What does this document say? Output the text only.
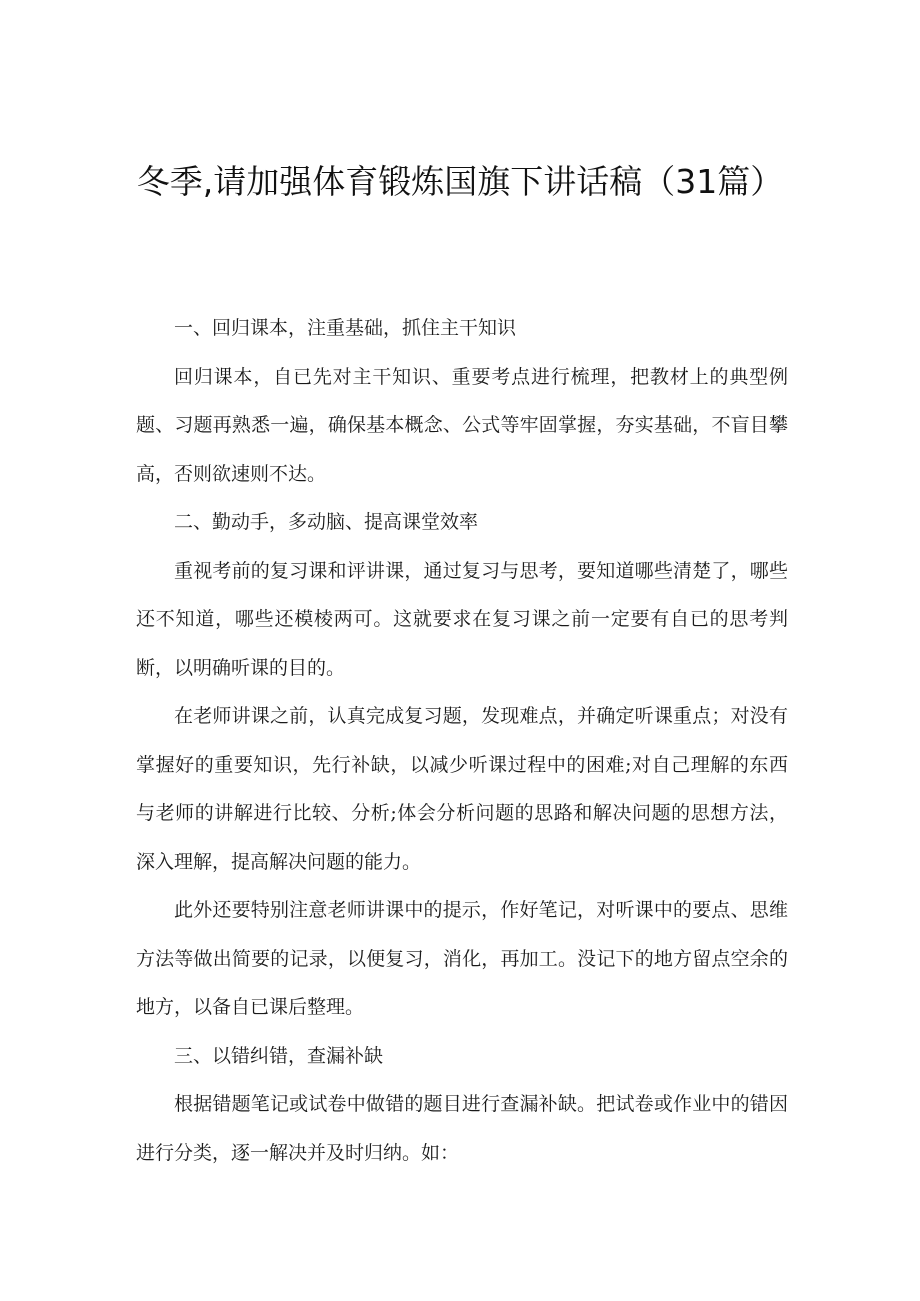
冬季,请加强体育锻炼国旗下讲话稿（31篇）

一、回归课本，注重基础，抓住主干知识

回归课本，自已先对主干知识、重要考点进行梳理，把教材上的典型例题、习题再熟悉一遍，确保基本概念、公式等牢固掌握，夯实基础，不盲目攀高，否则欲速则不达。

二、勤动手，多动脑、提高课堂效率

重视考前的复习课和评讲课，通过复习与思考，要知道哪些清楚了，哪些还不知道，哪些还模棱两可。这就要求在复习课之前一定要有自已的思考判断，以明确听课的目的。

在老师讲课之前，认真完成复习题，发现难点，并确定听课重点；对没有掌握好的重要知识，先行补缺，以减少听课过程中的困难;对自己理解的东西与老师的讲解进行比较、分析;体会分析问题的思路和解决问题的思想方法，深入理解，提高解决问题的能力。

此外还要特别注意老师讲课中的提示，作好笔记，对听课中的要点、思维方法等做出简要的记录，以便复习，消化，再加工。没记下的地方留点空余的地方，以备自已课后整理。

三、以错纠错，查漏补缺

根据错题笔记或试卷中做错的题目进行查漏补缺。把试卷或作业中的错因进行分类，逐一解决并及时归纳。如：
